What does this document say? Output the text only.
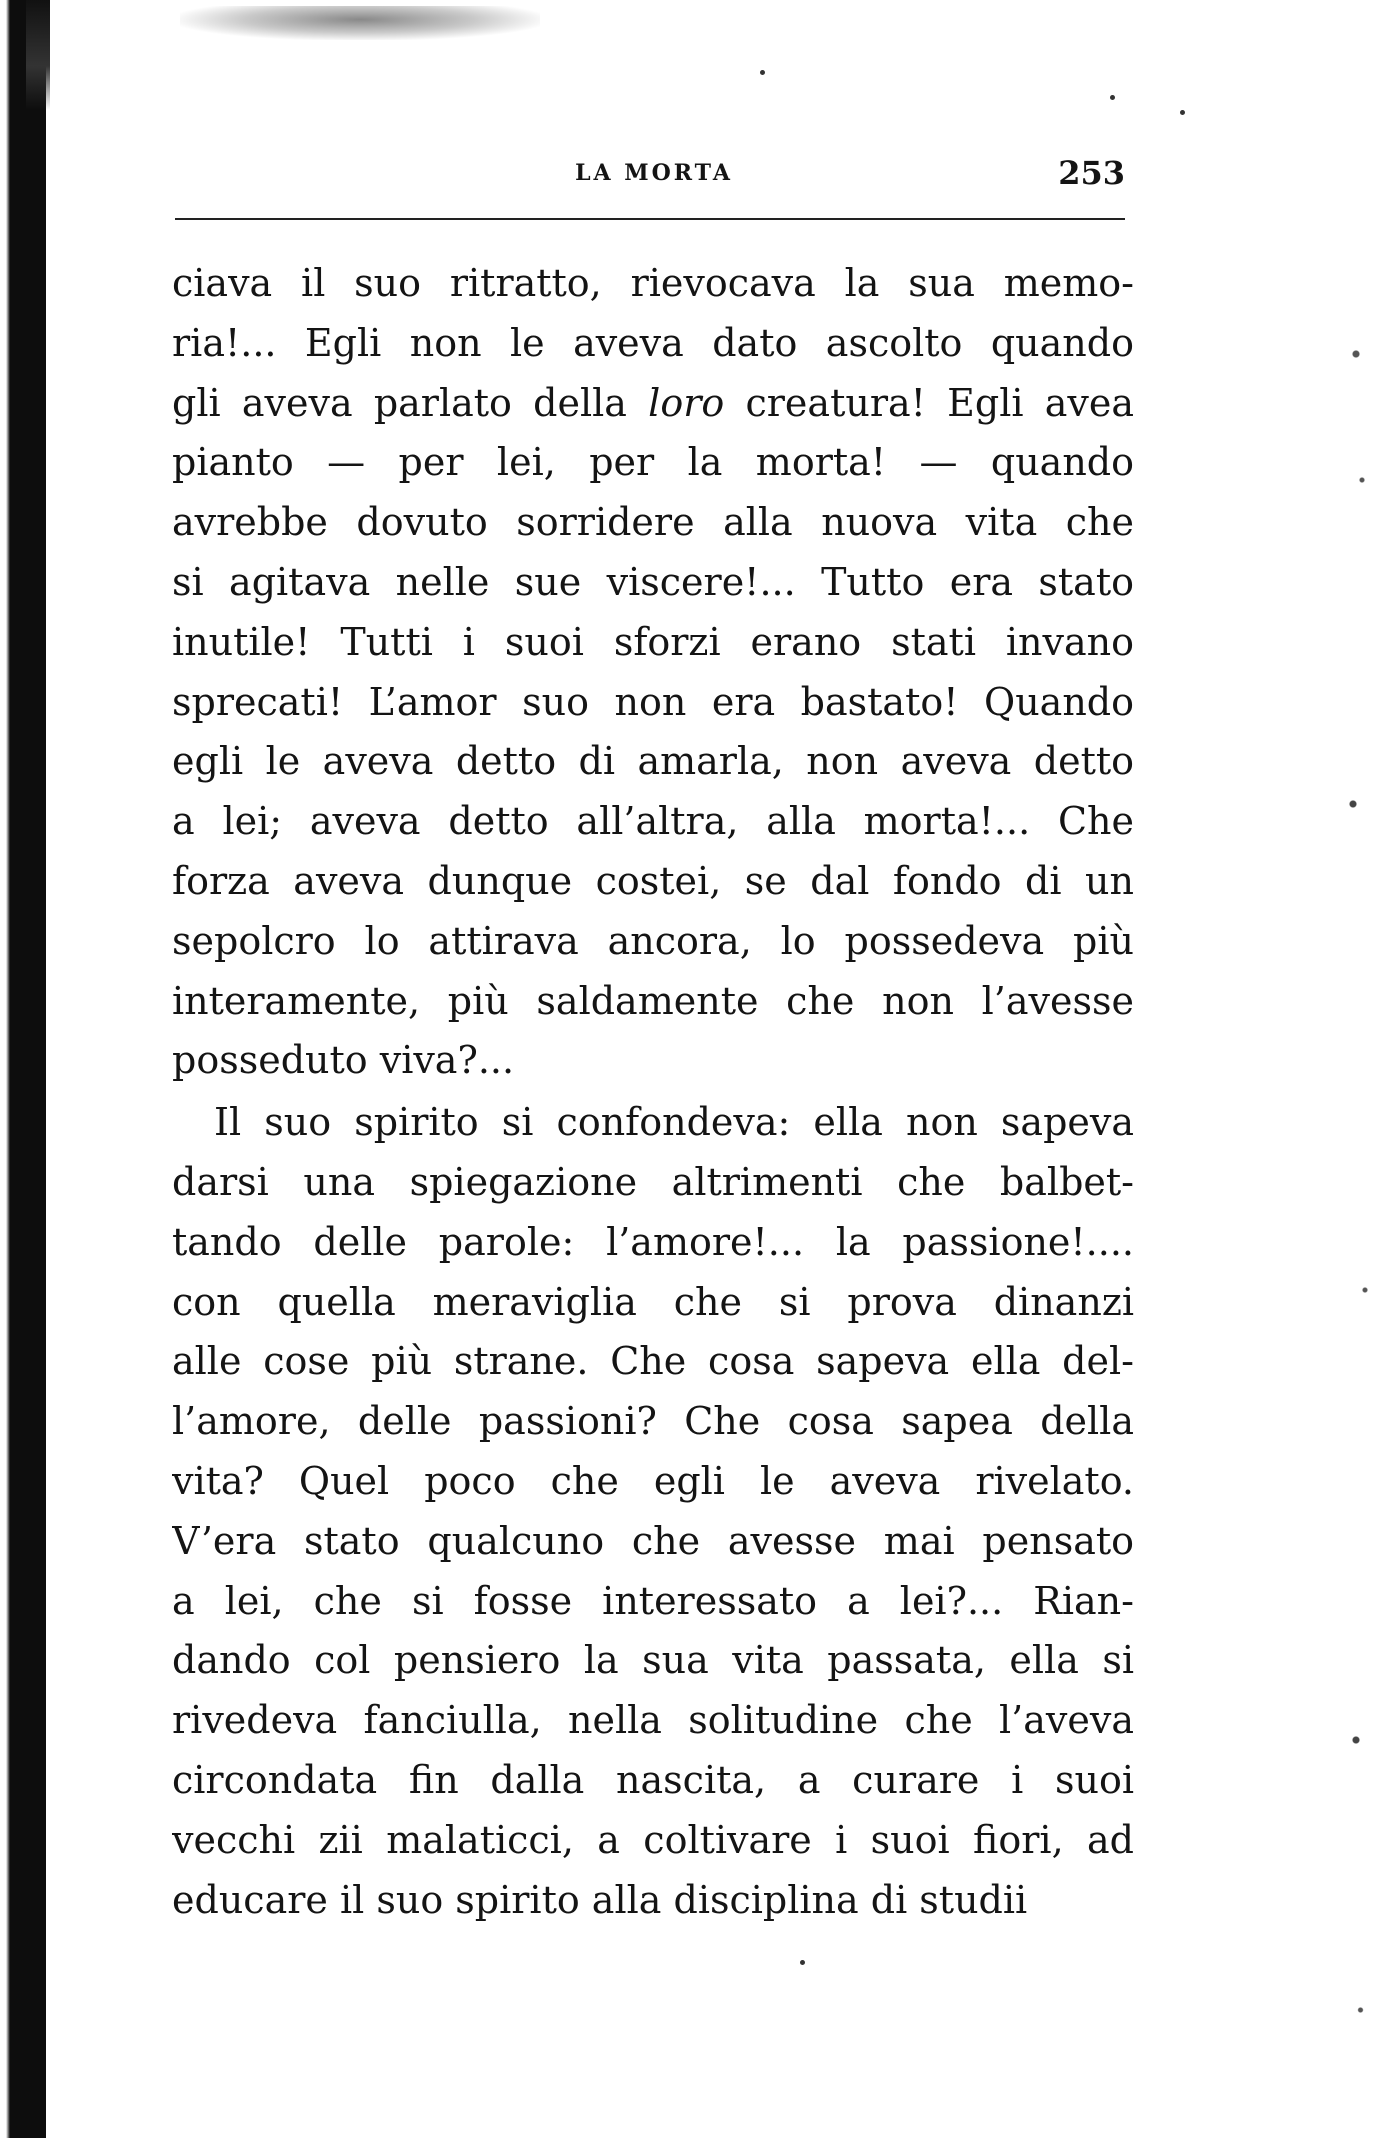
LA MORTA	253
ciava il suo ritratto, rievocava la sua memo-
ria!... Egli non le aveva dato ascolto quando
gli aveva parlato della loro creatura! Egli avea
pianto — per lei, per la morta! — quando
avrebbe dovuto sorridere alla nuova vita che
si agitava nelle sue viscere!... Tutto era stato
inutile! Tutti i suoi sforzi erano stati invano
sprecati! L’amor suo non era bastato! Quando
egli le aveva detto di amarla, non aveva detto
a lei; aveva detto all’altra, alla morta!... Che
forza aveva dunque costei, se dal fondo di un
sepolcro lo attirava ancora, lo possedeva più
interamente, più saldamente che non l’avesse
posseduto viva?...
Il suo spirito si confondeva: ella non sapeva
darsi una spiegazione altrimenti che balbet-
tando delle parole: l’amore!... la passione!....
con quella meraviglia che si prova dinanzi
alle cose più strane. Che cosa sapeva ella del-
l’amore, delle passioni? Che cosa sapea della
vita? Quel poco che egli le aveva rivelato.
V’era stato qualcuno che avesse mai pensato
a lei, che si fosse interessato a lei?... Rian-
dando col pensiero la sua vita passata, ella si
rivedeva fanciulla, nella solitudine che l’aveva
circondata fin dalla nascita, a curare i suoi
vecchi zii malaticci, a coltivare i suoi fiori, ad
educare il suo spirito alla disciplina di studii
